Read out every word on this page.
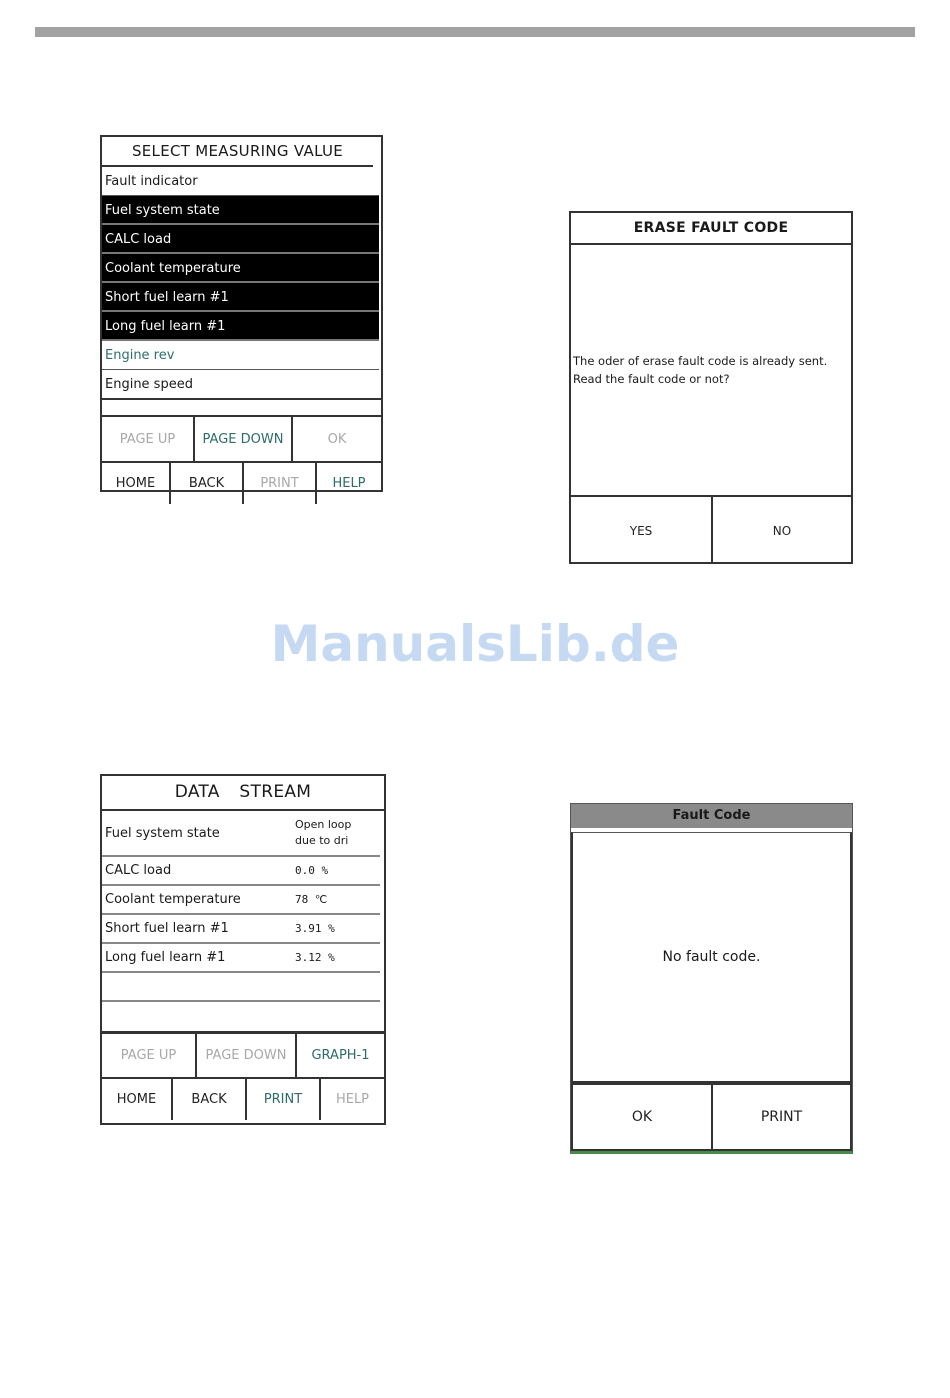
SELECT MEASURING VALUE
Fault indicator
Fuel system state
CALC load
Coolant temperature
Short fuel learn #1
Long fuel learn #1
Engine rev
Engine speed
PAGE UP	PAGE DOWN	OK
HOME	BACK	PRINT	HELP
ERASE FAULT CODE
The oder of erase fault code is already sent.
Read the fault code or not?
YES	NO
ManualsLib.de
DATA STREAM
Fuel system state
Open loop
due to dri
CALC load	0.0 %
Coolant temperature	78 ℃
Short fuel learn #1	3.91 %
Long fuel learn #1	3.12 %
PAGE UP	PAGE DOWN	GRAPH-1
HOME	BACK	PRINT	HELP
Fault Code
No fault code.
OK	PRINT
